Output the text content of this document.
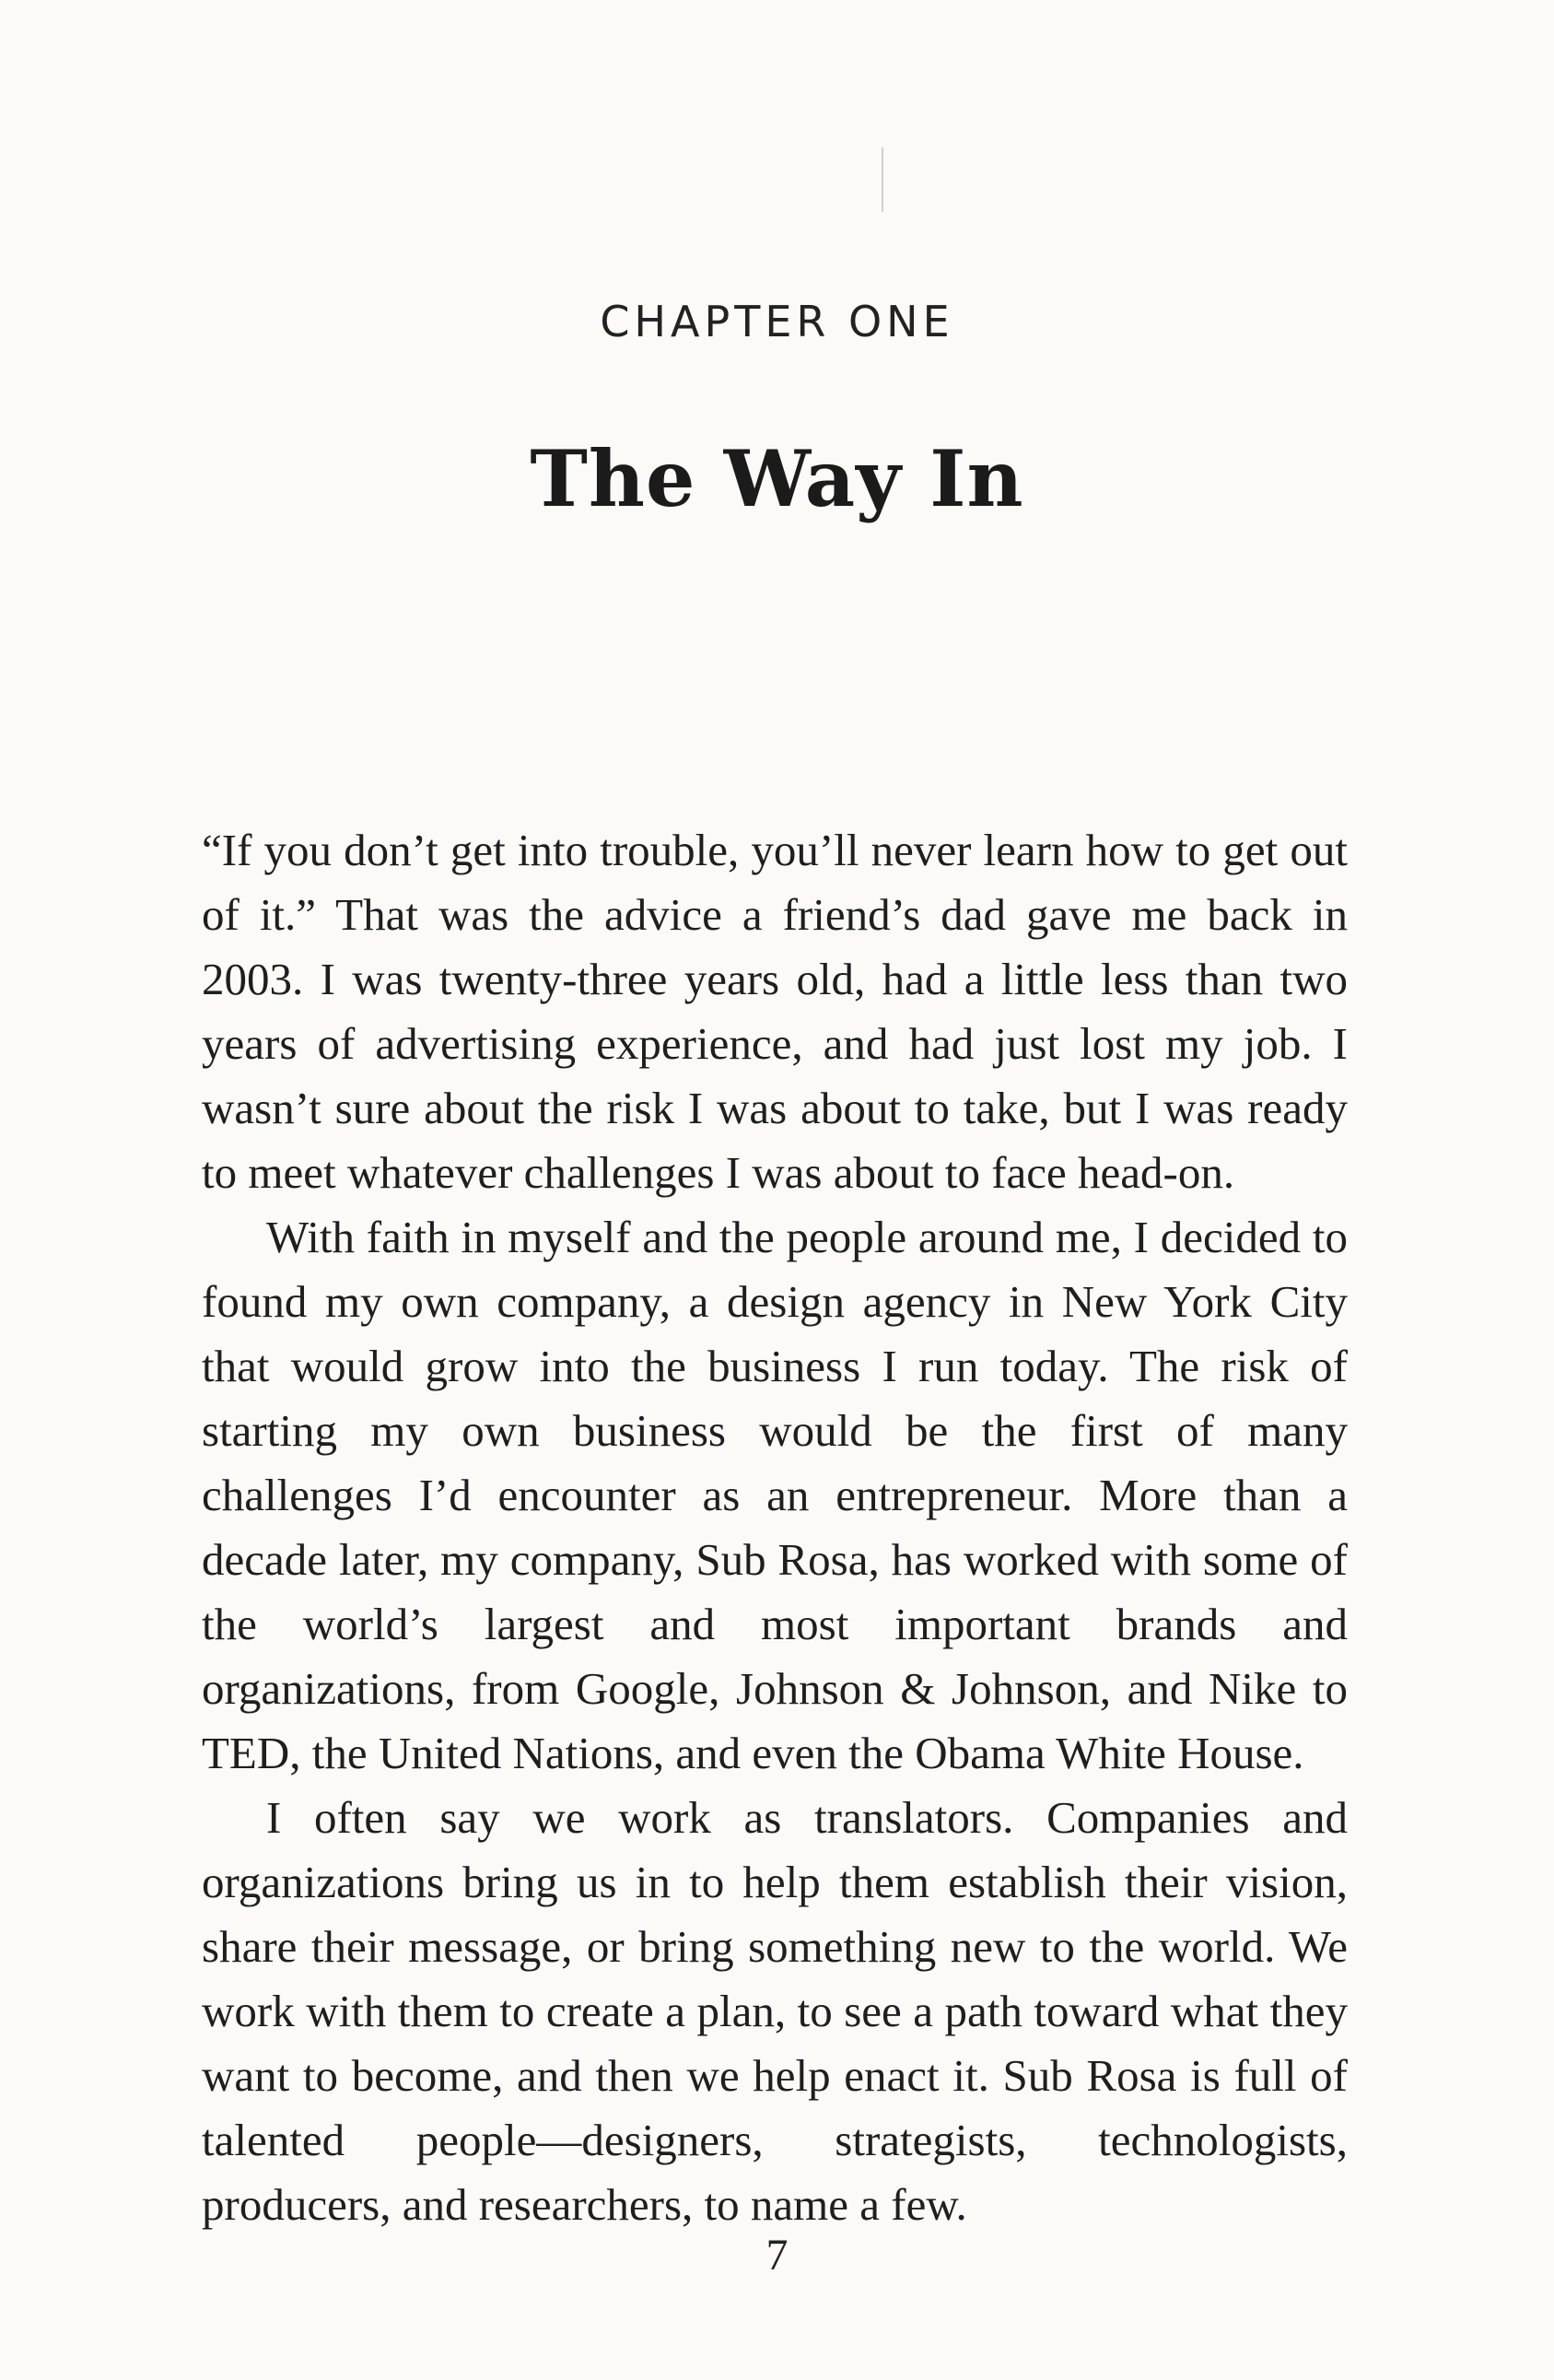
CHAPTER ONE
The Way In

“If you don’t get into trouble, you’ll never learn how to get out of it.” That was the advice a friend’s dad gave me back in 2003. I was twenty-three years old, had a little less than two years of advertising experience, and had just lost my job. I wasn’t sure about the risk I was about to take, but I was ready to meet whatever challenges I was about to face head-on.

With faith in myself and the people around me, I decided to found my own company, a design agency in New York City that would grow into the business I run today. The risk of starting my own business would be the first of many challenges I’d encounter as an entrepreneur. More than a decade later, my company, Sub Rosa, has worked with some of the world’s largest and most important brands and organizations, from Google, Johnson & Johnson, and Nike to TED, the United Nations, and even the Obama White House.

I often say we work as translators. Companies and organizations bring us in to help them establish their vision, share their message, or bring something new to the world. We work with them to create a plan, to see a path toward what they want to become, and then we help enact it. Sub Rosa is full of talented people—designers, strategists, technologists, producers, and researchers, to name a few.

7
